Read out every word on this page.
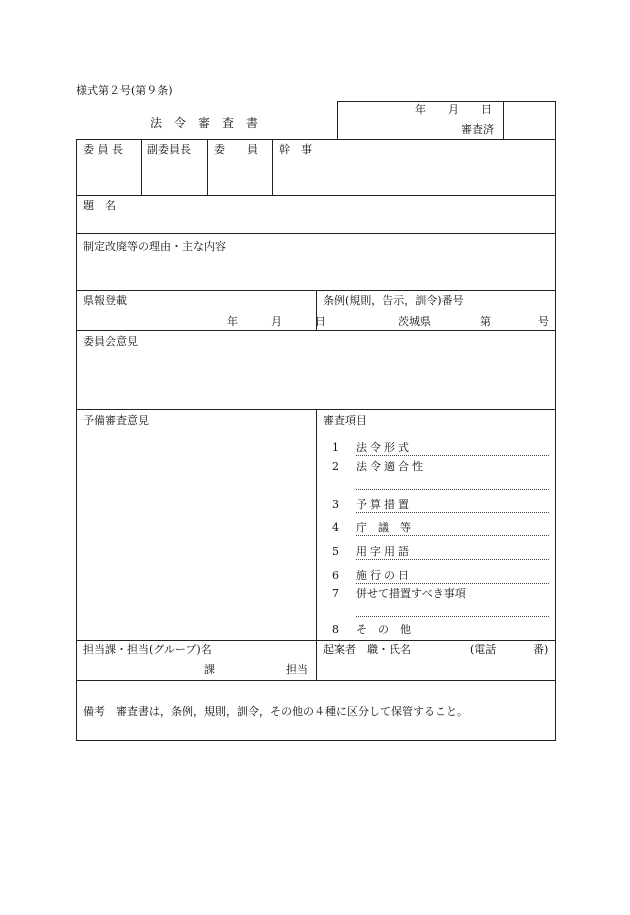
様式第２号(第９条)
年　　月　　日
審査済
法　令　審　査　書
委 員 長 副委員長 委　　員 幹　事
題　名
制定改廃等の理由・主な内容
県報登載
年　　　月　　　日
条例(規則，告示，訓令)番号
茨城県	第	号
委員会意見
予備審査意見	審査項目
1 法令形式
2 法令適合性
3 予算措置
4 庁　議　等
5 用字用語
6 施行の日
7 併せて措置すべき事項
8 そ　の　他
担当課・担当(グループ)名
課	担当
起案者　職・氏名	(電話	番)
備考　審査書は，条例，規則，訓令，その他の４種に区分して保管すること。
